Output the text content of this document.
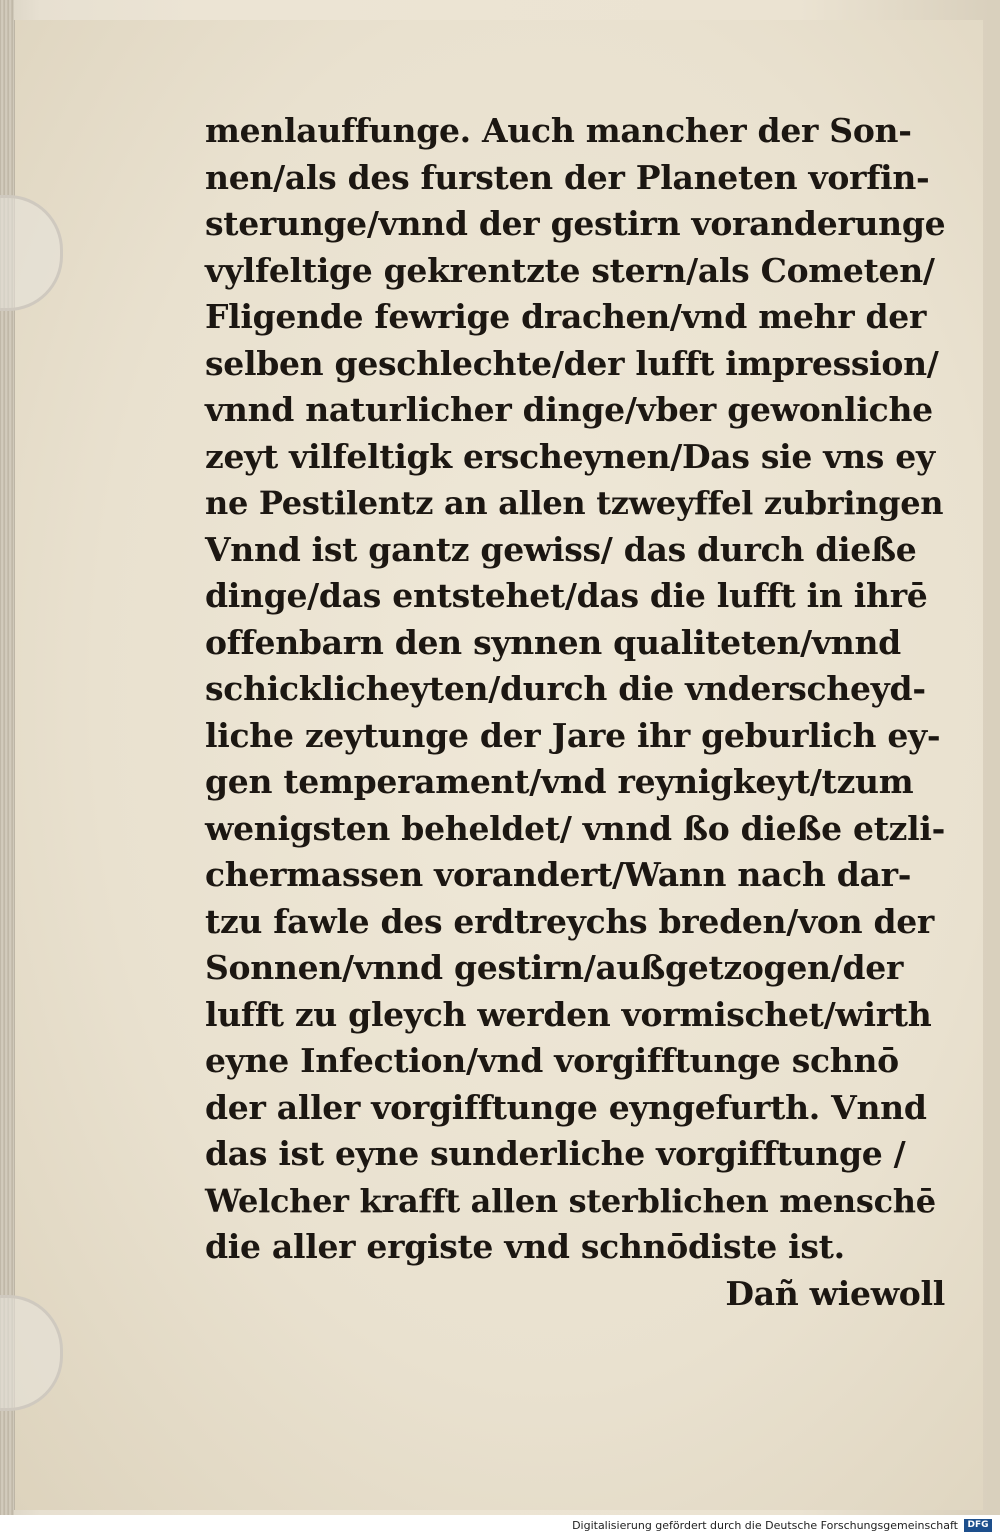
menlauffunge. Auch mancher der Son-
nen/als des fursten der Planeten vorfin-
sterunge/vnnd der gestirn voranderunge
vylfeltige gekrentzte stern/als Cometen/
Fligende fewrige drachen/vnd mehr der
selben geschlechte/der lufft impression/
vnnd naturlicher dinge/vber gewonliche
zeyt vilfeltigk erscheynen/Das sie vns ey
ne Pestilentz an allen tzweyffel zubringen
Vnnd ist gantz gewiss/ das durch dieße
dinge/das entstehet/das die lufft in ihrē
offenbarn den synnen qualiteten/vnnd
schicklicheyten/durch die vnderscheyd-
liche zeytunge der Jare ihr geburlich ey-
gen temperament/vnd reynigkeyt/tzum
wenigsten beheldet/ vnnd ßo dieße etzli-
chermassen vorandert/Wann nach dar-
tzu fawle des erdtreychs breden/von der
Sonnen/vnnd gestirn/außgetzogen/der
lufft zu gleych werden vormischet/wirth
eyne Infection/vnd vorgifftunge schnō
der aller vorgifftunge eyngefurth. Vnnd
das ist eyne sunderliche vorgifftunge /
Welcher krafft allen sterblichen menschē
die aller ergiste vnd schnōdiste ist.
Dañ wiewoll
Digitalisierung gefördert durch die Deutsche Forschungsgemeinschaft	DFG
